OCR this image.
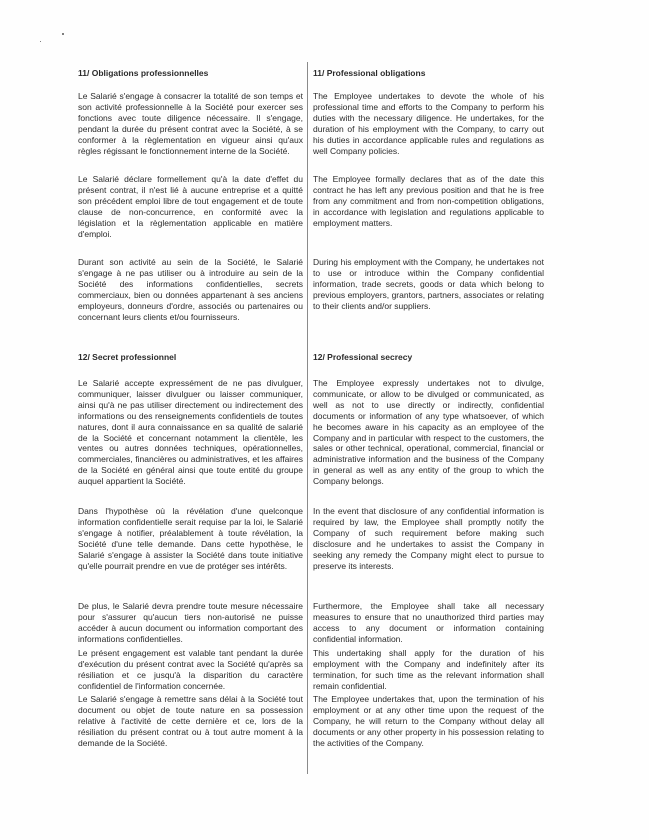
11/ Obligations professionnelles

Le Salarié s'engage à consacrer la totalité de son temps et son activité professionnelle à la Société pour exercer ses fonctions avec toute diligence nécessaire. Il s'engage, pendant la durée du présent contrat avec la Société, à se conformer à la règlementation en vigueur ainsi qu'aux règles régissant le fonctionnement interne de la Société.

Le Salarié déclare formellement qu'à la date d'effet du présent contrat, il n'est lié à aucune entreprise et a quitté son précédent emploi libre de tout engagement et de toute clause de non-concurrence, en conformité avec la législation et la règlementation applicable en matière d'emploi.

Durant son activité au sein de la Société, le Salarié s'engage à ne pas utiliser ou à introduire au sein de la Société des informations confidentielles, secrets commerciaux, bien ou données appartenant à ses anciens employeurs, donneurs d'ordre, associés ou partenaires ou concernant leurs clients et/ou fournisseurs.

12/ Secret professionnel

Le Salarié accepte expressément de ne pas divulguer, communiquer, laisser divulguer ou laisser communiquer, ainsi qu'à ne pas utiliser directement ou indirectement des informations ou des renseignements confidentiels de toutes natures, dont il aura connaissance en sa qualité de salarié de la Société et concernant notamment la clientèle, les ventes ou autres données techniques, opérationnelles, commerciales, financières ou administratives, et les affaires de la Société en général ainsi que toute entité du groupe auquel appartient la Société.

Dans l'hypothèse où la révélation d'une quelconque information confidentielle serait requise par la loi, le Salarié s'engage à notifier, préalablement à toute révélation, la Société d'une telle demande. Dans cette hypothèse, le Salarié s'engage à assister la Société dans toute initiative qu'elle pourrait prendre en vue de protéger ses intérêts.

De plus, le Salarié devra prendre toute mesure nécessaire pour s'assurer qu'aucun tiers non-autorisé ne puisse accéder à aucun document ou information comportant des informations confidentielles.

Le présent engagement est valable tant pendant la durée d'exécution du présent contrat avec la Société qu'après sa résiliation et ce jusqu'à la disparition du caractère confidentiel de l'information concernée.

Le Salarié s'engage à remettre sans délai à la Société tout document ou objet de toute nature en sa possession relative à l'activité de cette dernière et ce, lors de la résiliation du présent contrat ou à tout autre moment à la demande de la Société.

11/ Professional obligations

The Employee undertakes to devote the whole of his professional time and efforts to the Company to perform his duties with the necessary diligence. He undertakes, for the duration of his employment with the Company, to carry out his duties in accordance applicable rules and regulations as well Company policies.

The Employee formally declares that as of the date this contract he has left any previous position and that he is free from any commitment and from non-competition obligations, in accordance with legislation and regulations applicable to employment matters.

During his employment with the Company, he undertakes not to use or introduce within the Company confidential information, trade secrets, goods or data which belong to previous employers, grantors, partners, associates or relating to their clients and/or suppliers.

12/ Professional secrecy

The Employee expressly undertakes not to divulge, communicate, or allow to be divulged or communicated, as well as not to use directly or indirectly, confidential documents or information of any type whatsoever, of which he becomes aware in his capacity as an employee of the Company and in particular with respect to the customers, the sales or other technical, operational, commercial, financial or administrative information and the business of the Company in general as well as any entity of the group to which the Company belongs.

In the event that disclosure of any confidential information is required by law, the Employee shall promptly notify the Company of such requirement before making such disclosure and he undertakes to assist the Company in seeking any remedy the Company might elect to pursue to preserve its interests.

Furthermore, the Employee shall take all necessary measures to ensure that no unauthorized third parties may access to any document or information containing confidential information.

This undertaking shall apply for the duration of his employment with the Company and indefinitely after its termination, for such time as the relevant information shall remain confidential.

The Employee undertakes that, upon the termination of his employment or at any other time upon the request of the Company, he will return to the Company without delay all documents or any other property in his possession relating to the activities of the Company.
